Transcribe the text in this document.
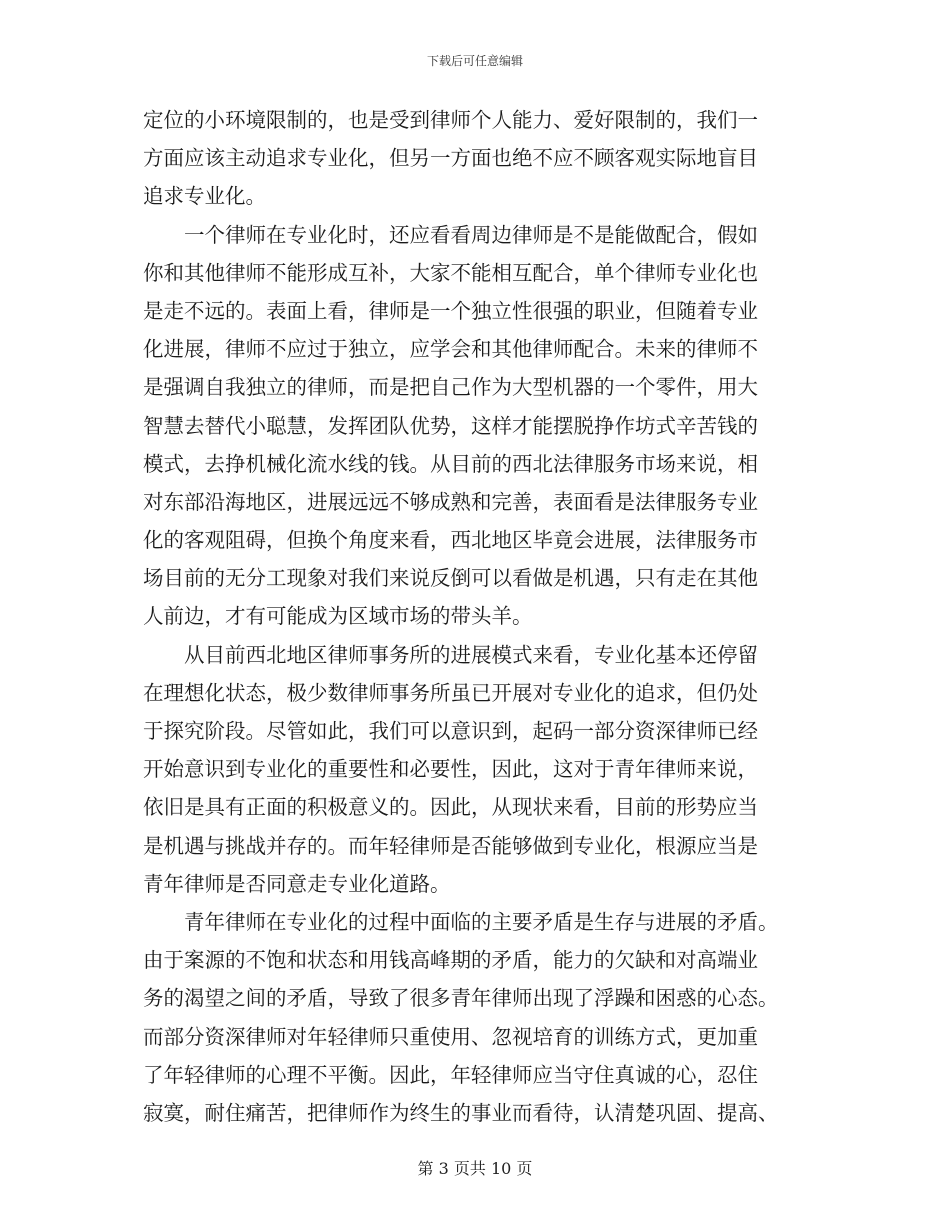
下载后可任意编辑
定位的小环境限制的，也是受到律师个人能力、爱好限制的，我们一
方面应该主动追求专业化，但另一方面也绝不应不顾客观实际地盲目
追求专业化。
　　一个律师在专业化时，还应看看周边律师是不是能做配合，假如
你和其他律师不能形成互补，大家不能相互配合，单个律师专业化也
是走不远的。表面上看，律师是一个独立性很强的职业，但随着专业
化进展，律师不应过于独立，应学会和其他律师配合。未来的律师不
是强调自我独立的律师，而是把自己作为大型机器的一个零件，用大
智慧去替代小聪慧，发挥团队优势，这样才能摆脱挣作坊式辛苦钱的
模式，去挣机械化流水线的钱。从目前的西北法律服务市场来说，相
对东部沿海地区，进展远远不够成熟和完善，表面看是法律服务专业
化的客观阻碍，但换个角度来看，西北地区毕竟会进展，法律服务市
场目前的无分工现象对我们来说反倒可以看做是机遇，只有走在其他
人前边，才有可能成为区域市场的带头羊。
　　从目前西北地区律师事务所的进展模式来看，专业化基本还停留
在理想化状态，极少数律师事务所虽已开展对专业化的追求，但仍处
于探究阶段。尽管如此，我们可以意识到，起码一部分资深律师已经
开始意识到专业化的重要性和必要性，因此，这对于青年律师来说，
依旧是具有正面的积极意义的。因此，从现状来看，目前的形势应当
是机遇与挑战并存的。而年轻律师是否能够做到专业化，根源应当是
青年律师是否同意走专业化道路。
　　青年律师在专业化的过程中面临的主要矛盾是生存与进展的矛盾。
由于案源的不饱和状态和用钱高峰期的矛盾，能力的欠缺和对高端业
务的渴望之间的矛盾，导致了很多青年律师出现了浮躁和困惑的心态。
而部分资深律师对年轻律师只重使用、忽视培育的训练方式，更加重
了年轻律师的心理不平衡。因此，年轻律师应当守住真诚的心，忍住
寂寞，耐住痛苦，把律师作为终生的事业而看待，认清楚巩固、提高、
第 3 页共 10 页
